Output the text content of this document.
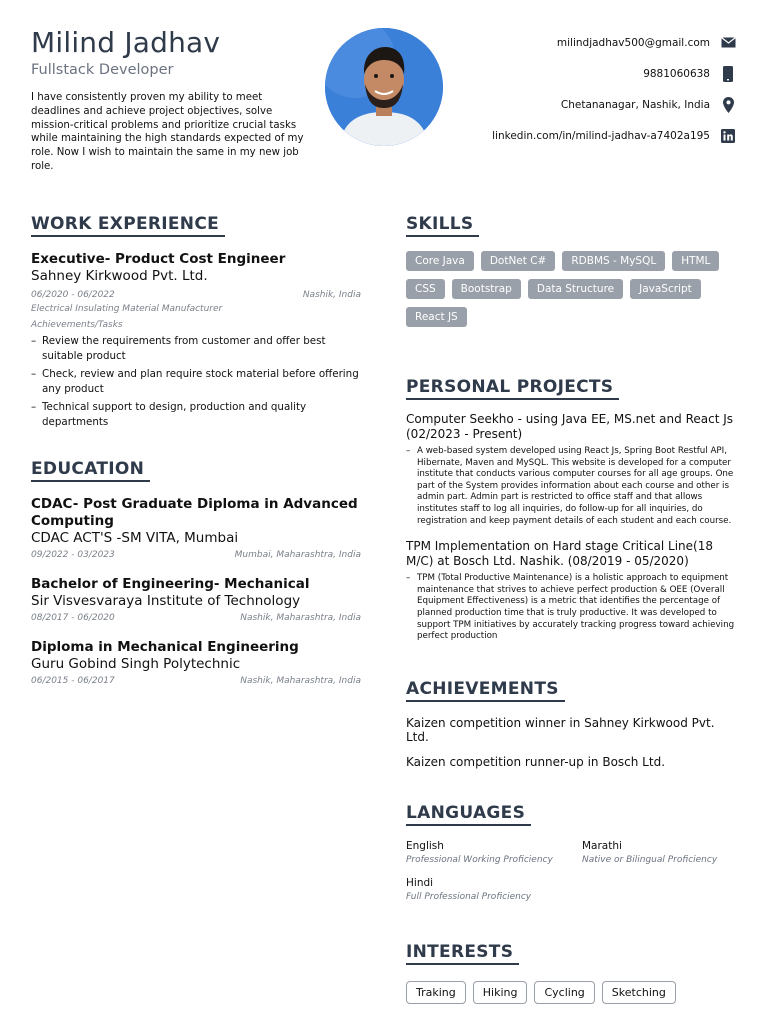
Milind Jadhav
Fullstack Developer

I have consistently proven my ability to meet deadlines and achieve project objectives, solve mission-critical problems and prioritize crucial tasks while maintaining the high standards expected of my role. Now I wish to maintain the same in my new job role.

milindjadhav500@gmail.com
9881060638
Chetananagar, Nashik, India
linkedin.com/in/milind-jadhav-a7402a195
WORK EXPERIENCE
Executive- Product Cost Engineer
Sahney Kirkwood Pvt. Ltd.
06/2020 - 06/2022	Nashik, India
Electrical Insulating Material Manufacturer
Achievements/Tasks
– Review the requirements from customer and offer best suitable product
– Check, review and plan require stock material before offering any product
– Technical support to design, production and quality departments
EDUCATION
CDAC- Post Graduate Diploma in Advanced Computing
CDAC ACT'S -SM VITA, Mumbai
09/2022 - 03/2023	Mumbai, Maharashtra, India
Bachelor of Engineering- Mechanical
Sir Visvesvaraya Institute of Technology
08/2017 - 06/2020	Nashik, Maharashtra, India
Diploma in Mechanical Engineering
Guru Gobind Singh Polytechnic
06/2015 - 06/2017	Nashik, Maharashtra, India
SKILLS
Core Java	DotNet C#	RDBMS - MySQL	HTML
CSS	Bootstrap	Data Structure	JavaScript
React JS
PERSONAL PROJECTS
Computer Seekho - using Java EE, MS.net and React Js (02/2023 - Present)
– A web-based system developed using React Js, Spring Boot Restful API, Hibernate, Maven and MySQL. This website is developed for a computer institute that conducts various computer courses for all age groups. One part of the System provides information about each course and other is admin part. Admin part is restricted to office staff and that allows institutes staff to log all inquiries, do follow-up for all inquiries, do registration and keep payment details of each student and each course.
TPM Implementation on Hard stage Critical Line(18 M/C) at Bosch Ltd. Nashik. (08/2019 - 05/2020)
– TPM (Total Productive Maintenance) is a holistic approach to equipment maintenance that strives to achieve perfect production & OEE (Overall Equipment Effectiveness) is a metric that identifies the percentage of planned production time that is truly productive. It was developed to support TPM initiatives by accurately tracking progress toward achieving perfect production
ACHIEVEMENTS
Kaizen competition winner in Sahney Kirkwood Pvt. Ltd.
Kaizen competition runner-up in Bosch Ltd.
LANGUAGES
English
Professional Working Proficiency
Marathi
Native or Bilingual Proficiency
Hindi
Full Professional Proficiency
INTERESTS
Traking	Hiking	Cycling	Sketching
